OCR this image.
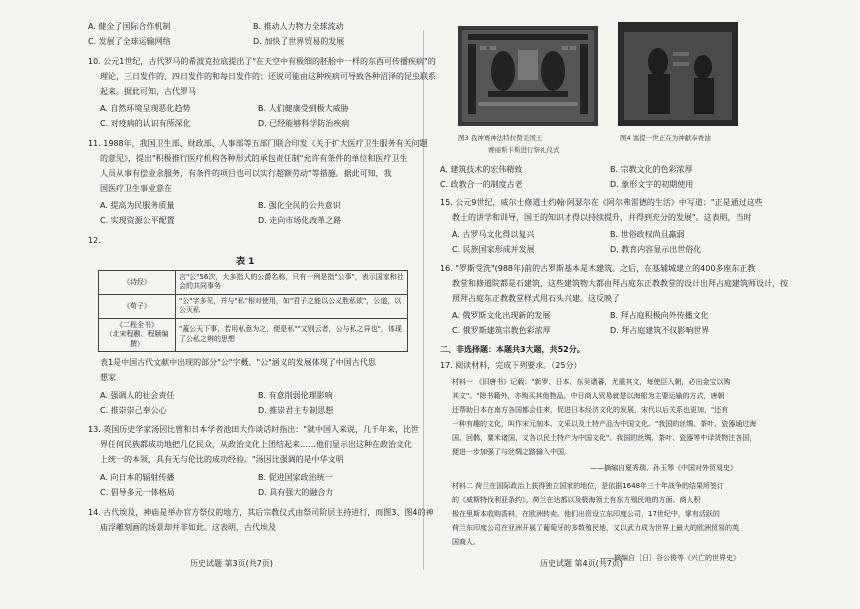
A. 健全了国际合作机制	B. 推动人力物力全球流动
C. 发展了全球运输网络	D. 加快了世界贸易的发展
10. 公元1世纪，古代罗马的希波克拉底提出了"在天空中有极细的胚胎中一样的东西可传播疾病"的
理论，三日发作的、四日发作的和每日发作的；还说可能由这种疾病可导致各种沼泽的昆虫联系
起来。据此可知，古代罗马
A. 自然环境呈现恶化趋势	B. 人们健康受到极大威胁
C. 对疫病的认识有所深化	D. 已经能够科学防治疾病
11. 1988年，我国卫生部、财政部、人事部等五部门联合印发《关于扩大医疗卫生服务有关问题
的意见》，提出"积极推行医疗机构各种形式的承包责任制"允许有条件的单位和医疗卫生
人员从事有偿业余服务，有条件的项目也可以实行超额劳动"等措施。据此可知，我
国医疗卫生事业意在
A. 提高为民服务质量	B. 强化全民的公共意识
C. 实现资源公平配置	D. 走向市场化改革之路
12.
表 1
《诗经》	言"公"56次，大多指人的公爵名称，只有一例是指"公事"，表示国家和社会的共同事务
《荀子》	"公"字多见，并与"私"相对使用，如"君子之能以公义胜私欲"，公道，以公灭私

《二程全书》
（北宋程颢、程颐编撰）	"蓋公天下事，若用私意为之，便是私""又别云者，公与私之异也"，体现了公私之辨的思想
表1是中国古代文献中出现的部分"公"字概。"公"涵义的发展体现了中国古代思
想家
A. 强调人的社会责任	B. 有意削弱伦理影响
C. 推崇崇己奉公心	D. 推崇君主专制思想
13. 英国历史学家汤因比曾和日本学者池田大作谈话时指出："就中国人来说，几千年来，比世
界任何民族都成功地把几亿民众，从政治文化上团结起来……他们显示出这种在政治文化
上统一的本领，具有无与伦比的成功经验。"汤因比强调的是中华文明
A. 向日本的辐射传播	B. 促进国家政治统一
C. 倡导多元一体格局	D. 具有强大的融合力
14. 古代埃及，神庙是举办官方祭仪的地方，其后宗教仪式由祭司阶层主持进行，而图3、图4的神
庙浮雕刻画的场景却并非如此。这表明，古代埃及
历史试题 第3页(共7页)
图3 我神赛神法特拉赞美国王
赛丽斯卡斯进行祭礼仪式
图4 塞提一世正在为神献奉香油
A. 建筑技术的宏伟精致	B. 宗教文化的色彩浓厚
C. 政教合一的制度古老	D. 象形文字的初期使用
15. 公元9世纪，威尔士修道士约翰·阿瑟尔在《阿尔弗雷德的生活》中写道："正是通过这些
教士的讲学和训导，国王的知识才得以持续提升，并得到充分的发展"。这表明，当时
A. 古罗马文化得以复兴	B. 世俗政权尚且羸弱
C. 民族国家形成并发展	D. 教育内容显示出世俗化
16. "罗斯受洗"(988年)前的古罗斯基本是木建筑。之后，在基辅城建立的400多座东正教
教堂和修道院都是石建筑，这些建筑物大都由拜占庭东正教教堂的设计出拜占庭建筑师设计，按
照拜占庭东正教教堂样式用石头兴建。这反映了
A. 俄罗斯文化出现新的发展	B. 拜占庭积极向外传播文化
C. 俄罗斯建筑宗教色彩浓厚	D. 拜占庭建筑不仅影响世界
二、非选择题：本题共3大题，共52分。
17. 阅读材料，完成下列要求。（25分）
材料一 《旧唐书》记载："新罗、日本、东吴诸蕃，尤重其文，每使臣入朝，必出金宝以购
其文"。"除书籍外，亦购买其他物品。中日商人贸易就是以海船为主要运输的方式，唐朝
还帮助日本在南方各国都会往来，促进日本经济文化的发展，宋代以后关系也更加，"还有
一种有趣的文化，叫作宋元刻本、文采以及土特产品为中国文化。"我国的丝绸、茶叶、瓷器通过海
国、回鹘、粟米诸国，又各以民土特产为中国文化"。我国的丝绸、茶叶、瓷器等中译货物注各国，
便进一步加强了与丝绸之路输入中国。
——摘编自夏秀瑞、孙玉琴《中国对外贸易史》
材料二 荷兰在国际政治上获得独立国家的地位，是依据1648年三十年战争的结果所签订
的《威斯特伐利亚条约》。荷兰在达都以及极海领土有东方殖民地的方面。商人积
极在里斯本收购香料，在欧洲转卖。他们出资设立东印度公司，17世纪中，掌有活跃的
荷兰东印度公司在亚洲开展了葡萄牙的多数殖民地，又以武力成为世界上最大的欧洲贸易的英
国商人。
——摘编自［日］谷公俊等《兴亡的世界史》
历史试题 第4页(共7页)
